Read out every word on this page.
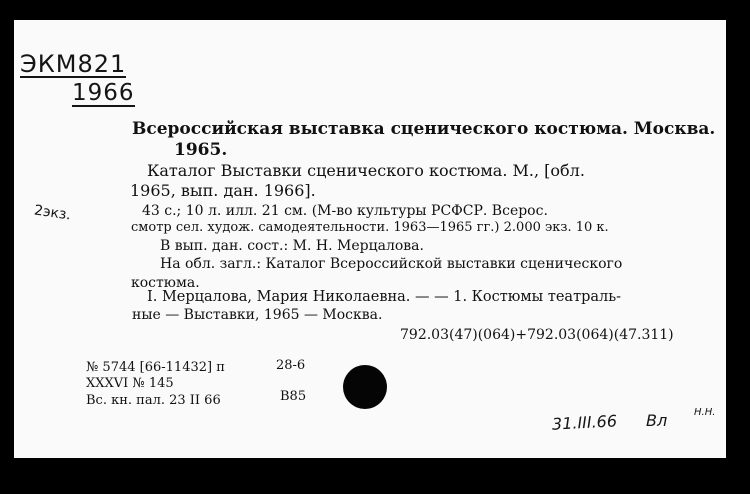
ЭКМ821
1966
Всероссийская выставка сценического костюма. Москва.
1965.
Каталог Выставки сценического костюма. М., [обл.
1965, вып. дан. 1966].
2экз.	43 с.; 10 л. илл. 21 см. (М-во культуры РСФСР. Всерос.
смотр сел. худож. самодеятельности. 1963—1965 гг.) 2.000 экз. 10 к.
В вып. дан. сост.: М. Н. Мерцалова.
На обл. загл.: Каталог Всероссийской выставки сценического
костюма.
I. Мерцалова, Мария Николаевна. — — 1. Костюмы театраль-
ные — Выставки, 1965 — Москва.
792.03(47)(064)+792.03(064)(47.311)
№ 5744 [66-11432] п	28-6
XXXVI № 145
Вс. кн. пал. 23 II 66	В85
31.III.66 Вл	Н.Н.
